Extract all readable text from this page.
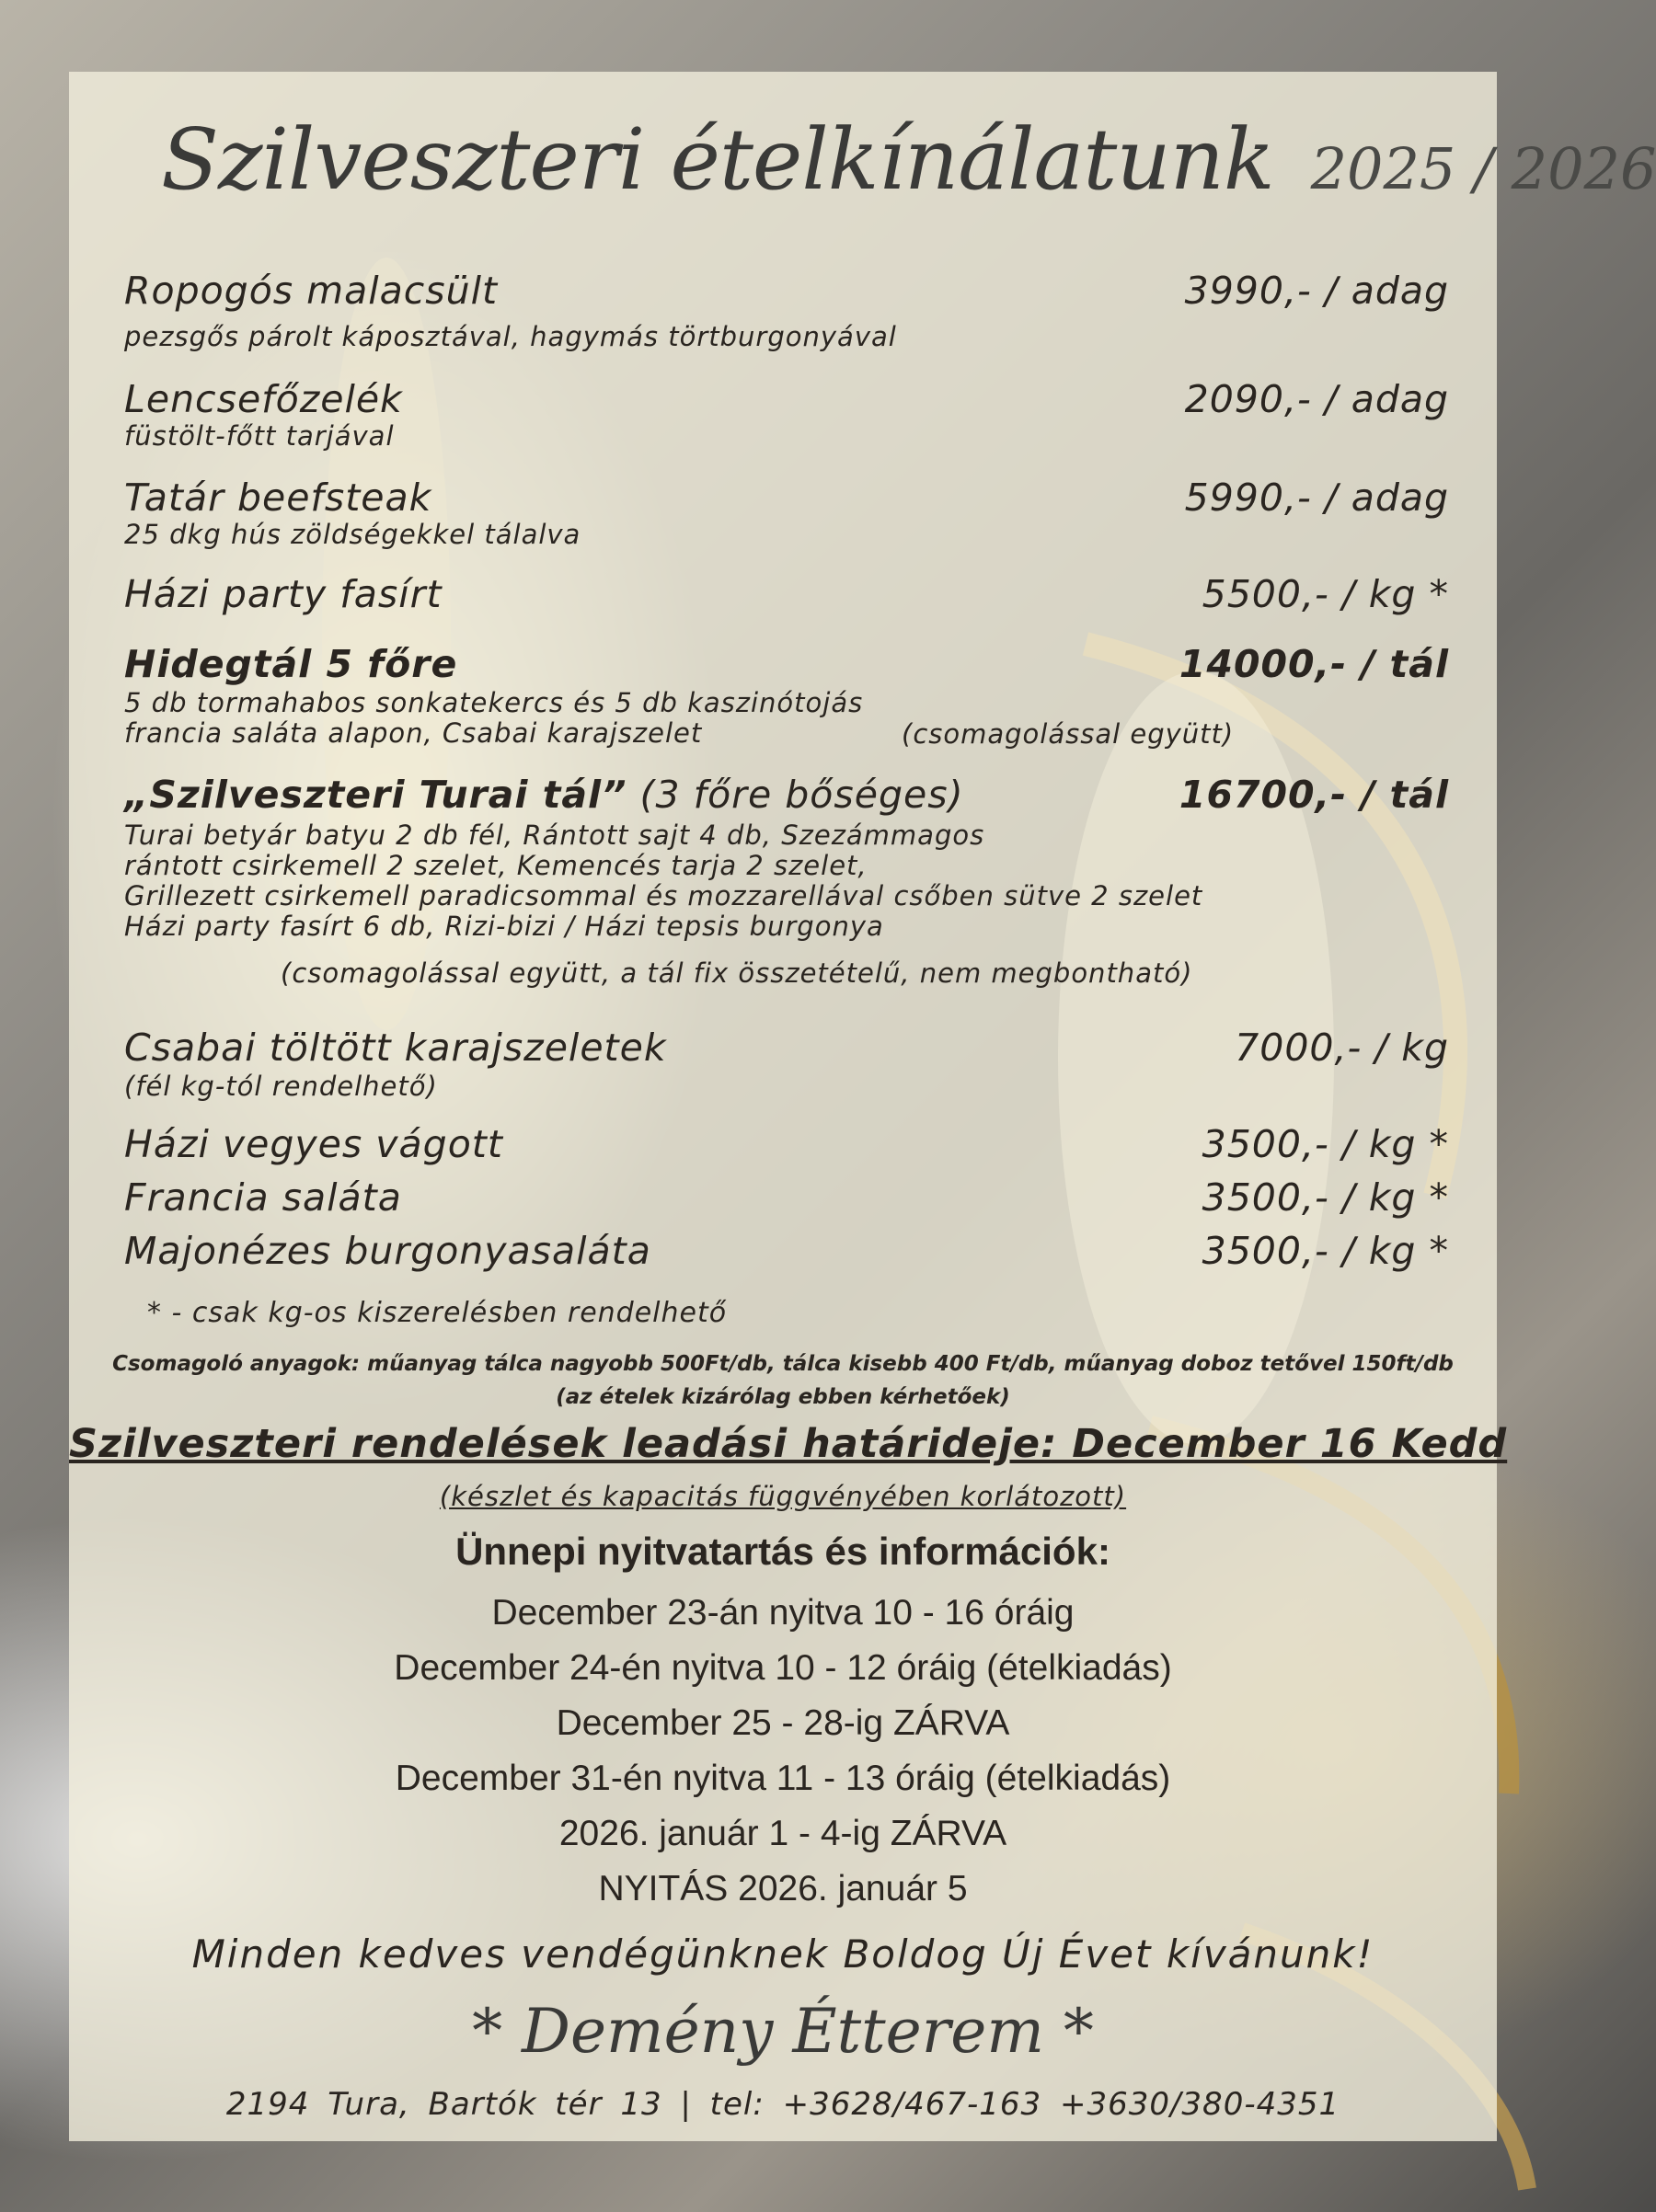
Szilveszteri ételkínálatunk 2025 / 2026
Ropogós malacsült	3990,- / adag
pezsgős párolt káposztával, hagymás törtburgonyával
Lencsefőzelék	2090,- / adag
füstölt-főtt tarjával
Tatár beefsteak	5990,- / adag
25 dkg hús zöldségekkel tálalva
Házi party fasírt	5500,- / kg *
Hidegtál 5 főre	14000,- / tál
5 db tormahabos sonkatekercs és 5 db kaszinótojás
francia saláta alapon, Csabai karajszelet	(csomagolással együtt)
„Szilveszteri Turai tál” (3 főre bőséges)	16700,- / tál
Turai betyár batyu 2 db fél, Rántott sajt 4 db, Szezámmagos
rántott csirkemell 2 szelet, Kemencés tarja 2 szelet,
Grillezett csirkemell paradicsommal és mozzarellával csőben sütve 2 szelet
Házi party fasírt 6 db, Rizi-bizi / Házi tepsis burgonya
(csomagolással együtt, a tál fix összetételű, nem megbontható)
Csabai töltött karajszeletek	7000,- / kg
(fél kg-tól rendelhető)
Házi vegyes vágott	3500,- / kg *
Francia saláta	3500,- / kg *
Majonézes burgonyasaláta	3500,- / kg *
* - csak kg-os kiszerelésben rendelhető
Csomagoló anyagok: műanyag tálca nagyobb 500Ft/db, tálca kisebb 400 Ft/db, műanyag doboz tetővel 150ft/db
(az ételek kizárólag ebben kérhetőek)
Szilveszteri rendelések leadási határideje: December 16 Kedd
(készlet és kapacitás függvényében korlátozott)
Ünnepi nyitvatartás és információk:
December 23-án nyitva 10 - 16 óráig
December 24-én nyitva 10 - 12 óráig (ételkiadás)
December 25 - 28-ig ZÁRVA
December 31-én nyitva 11 - 13 óráig (ételkiadás)
2026. január 1 - 4-ig ZÁRVA
NYITÁS 2026. január 5
Minden kedves vendégünknek Boldog Új Évet kívánunk!
* Demény Étterem *
2194 Tura, Bartók tér 13 | tel: +3628/467-163 +3630/380-4351
